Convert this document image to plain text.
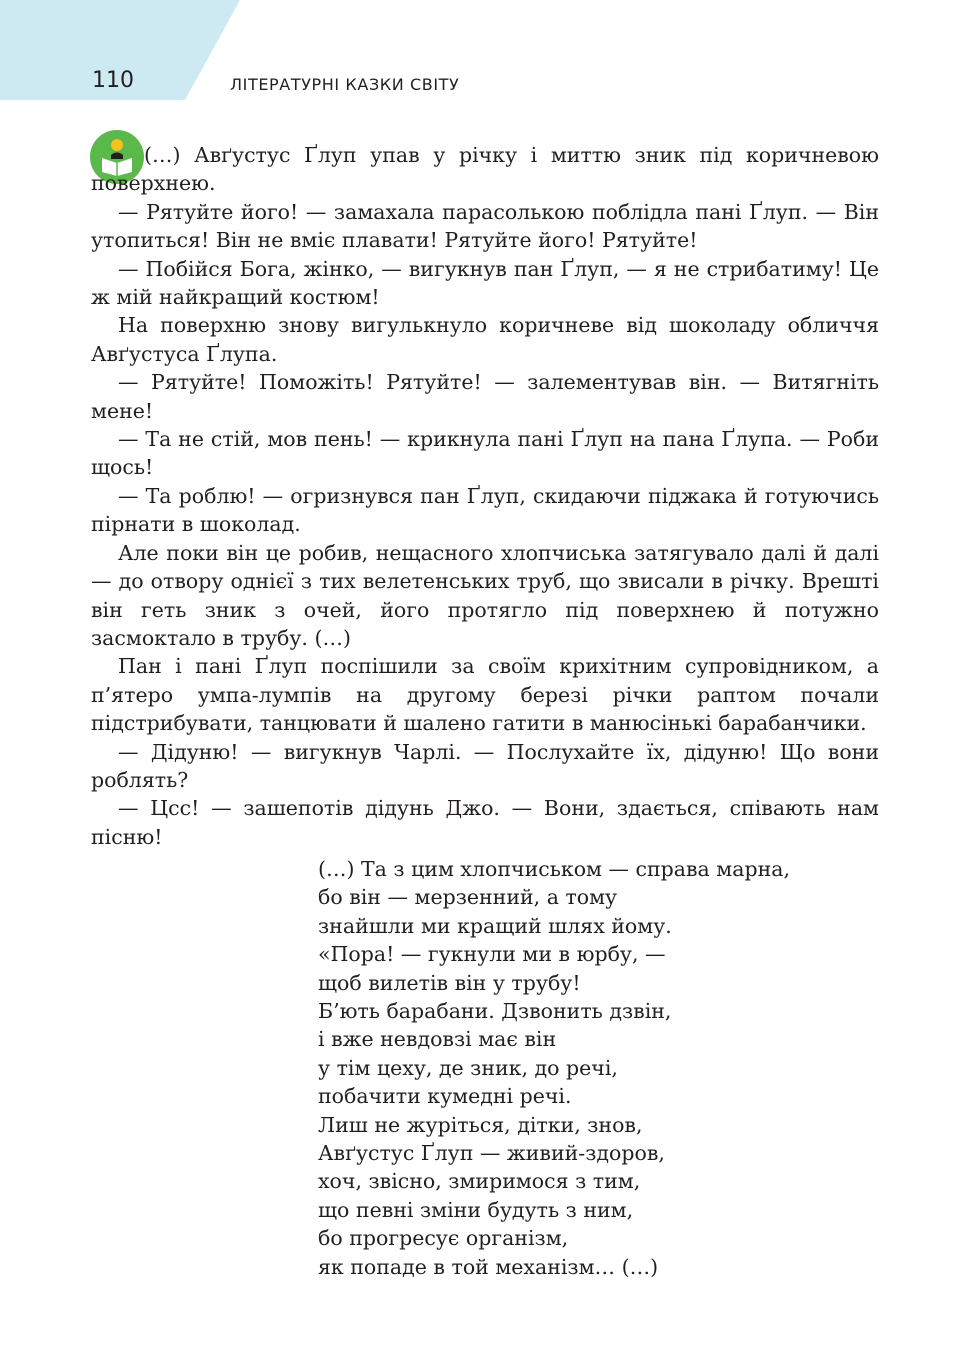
110	ЛІТЕРАТУРНІ КАЗКИ СВІТУ

(…) Авґустус Ґлуп упав у річку і миттю зник під коричневою поверхнею.

— Рятуйте його! — замахала парасолькою поблідла пані Ґлуп. — Він утопиться! Він не вміє плавати! Рятуйте його! Рятуйте!

— Побійся Бога, жінко, — вигукнув пан Ґлуп, — я не стрибатиму! Це ж мій найкращий костюм!

На поверхню знову вигулькнуло коричневе від шоколаду обличчя Авґустуса Ґлупа.

— Рятуйте! Поможіть! Рятуйте! — залементував він. — Витягніть мене!

— Та не стій, мов пень! — крикнула пані Ґлуп на пана Ґлупа. — Роби щось!

— Та роблю! — огризнувся пан Ґлуп, скидаючи піджака й готуючись пірнати в шоколад.

Але поки він це робив, нещасного хлопчиська затягувало далі й далі — до отвору однієї з тих велетенських труб, що звисали в річку. Врешті він геть зник з очей, його протягло під поверхнею й потужно засмоктало в трубу. (…)

Пан і пані Ґлуп поспішили за своїм крихітним супровідником, а п’ятеро умпа-лумпів на другому березі річки раптом почали підстрибувати, танцювати й шалено гатити в манюсінькі барабанчики.

— Дідуню! — вигукнув Чарлі. — Послухайте їх, дідуню! Що вони роблять?

— Цсс! — зашепотів дідунь Джо. — Вони, здається, співають нам пісню!

(…) Та з цим хлопчиськом — справа марна,
бо він — мерзенний, а тому
знайшли ми кращий шлях йому.
«Пора! — гукнули ми в юрбу, —
щоб вилетів він у трубу!
Б’ють барабани. Дзвонить дзвін,
і вже невдовзі має він
у тім цеху, де зник, до речі,
побачити кумедні речі.
Лиш не журіться, дітки, знов,
Авґустус Ґлуп — живий-здоров,
хоч, звісно, змиримося з тим,
що певні зміни будуть з ним,
бо прогресує організм,
як попаде в той механізм… (…)
